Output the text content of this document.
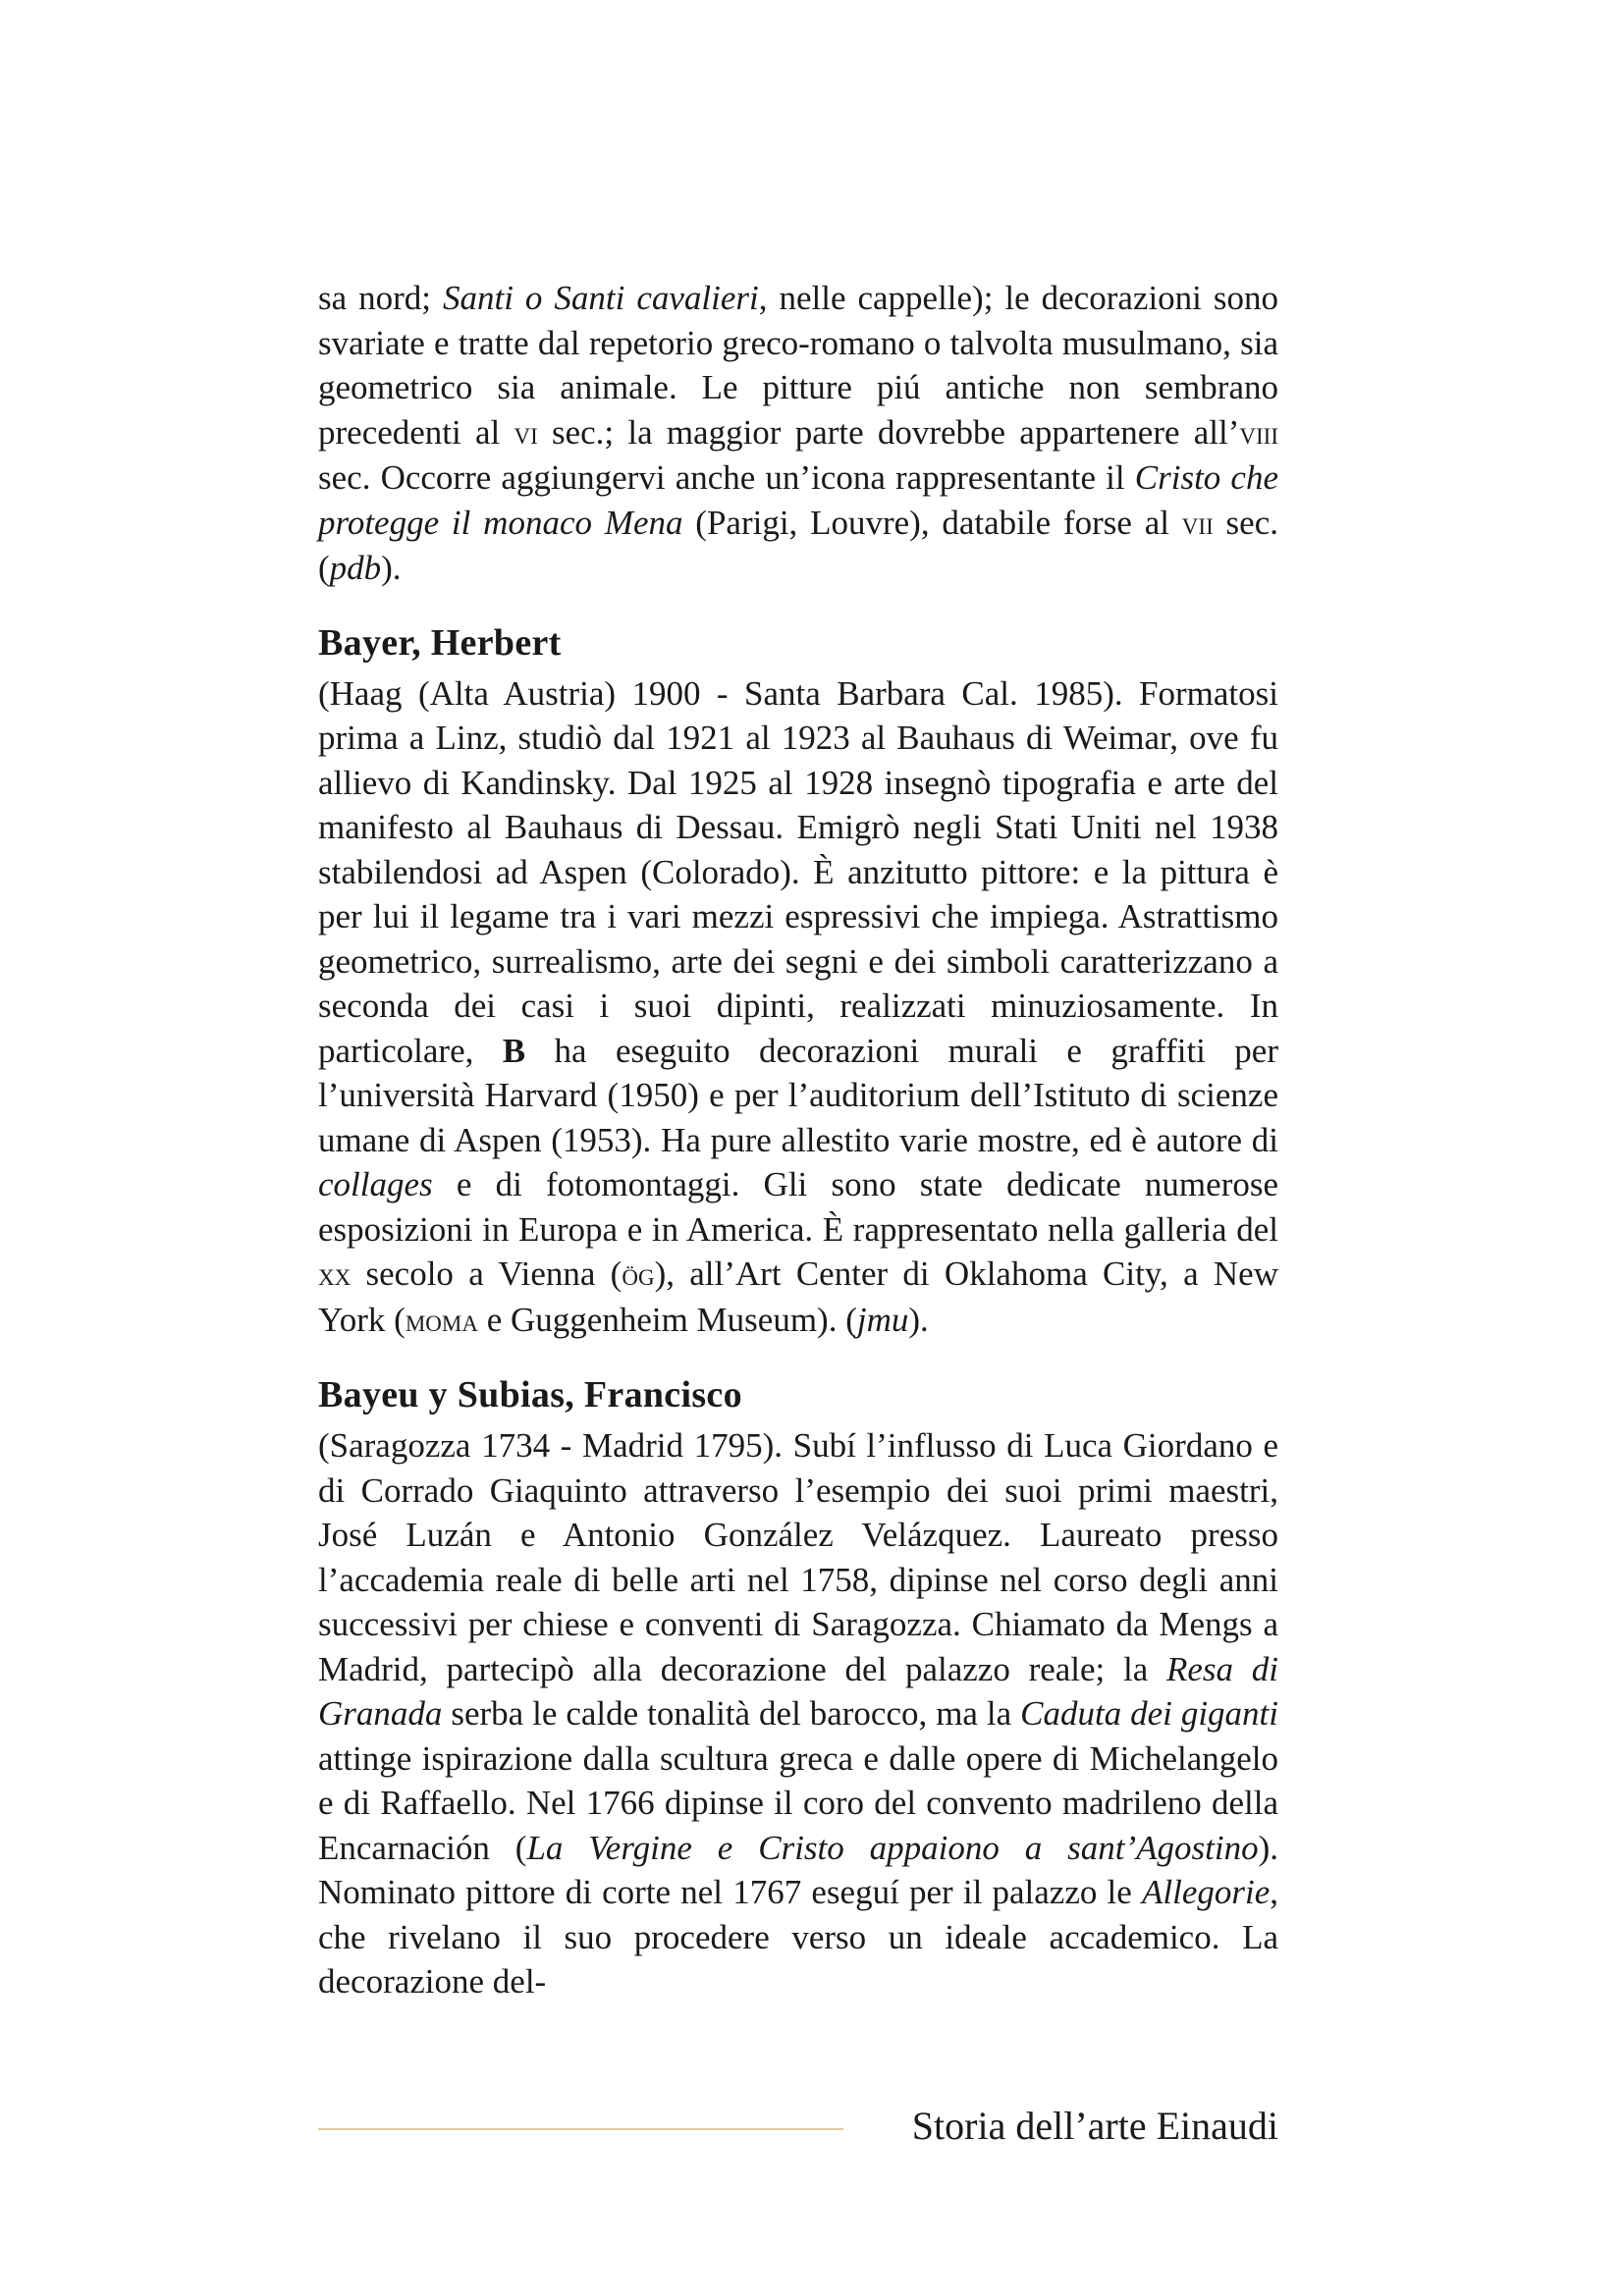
sa nord; Santi o Santi cavalieri, nelle cappelle); le decorazioni sono svariate e tratte dal repetorio greco-romano o talvolta musulmano, sia geometrico sia animale. Le pitture piú antiche non sembrano precedenti al vi sec.; la maggior parte dovrebbe appartenere all’viii sec. Occorre aggiungervi anche un’icona rappresentante il Cristo che protegge il monaco Mena (Parigi, Louvre), databile forse al vii sec. (pdb).

Bayer, Herbert

(Haag (Alta Austria) 1900 - Santa Barbara Cal. 1985). Formatosi prima a Linz, studiò dal 1921 al 1923 al Bauhaus di Weimar, ove fu allievo di Kandinsky. Dal 1925 al 1928 insegnò tipografia e arte del manifesto al Bauhaus di Dessau. Emigrò negli Stati Uniti nel 1938 stabilendosi ad Aspen (Colorado). È anzitutto pittore: e la pittura è per lui il legame tra i vari mezzi espressivi che impiega. Astrattismo geometrico, surrealismo, arte dei segni e dei simboli caratterizzano a seconda dei casi i suoi dipinti, realizzati minuziosamente. In particolare, B ha eseguito decorazioni murali e graffiti per l’università Harvard (1950) e per l’auditorium dell’Istituto di scienze umane di Aspen (1953). Ha pure allestito varie mostre, ed è autore di collages e di fotomontaggi. Gli sono state dedicate numerose esposizioni in Europa e in America. È rappresentato nella galleria del xx secolo a Vienna (ög), all’Art Center di Oklahoma City, a New York (moma e Guggenheim Museum). (jmu).

Bayeu y Subias, Francisco

(Saragozza 1734 - Madrid 1795). Subí l’influsso di Luca Giordano e di Corrado Giaquinto attraverso l’esempio dei suoi primi maestri, José Luzán e Antonio González Velázquez. Laureato presso l’accademia reale di belle arti nel 1758, dipinse nel corso degli anni successivi per chiese e conventi di Saragozza. Chiamato da Mengs a Madrid, partecipò alla decorazione del palazzo reale; la Resa di Granada serba le calde tonalità del barocco, ma la Caduta dei giganti attinge ispirazione dalla scultura greca e dalle opere di Michelangelo e di Raffaello. Nel 1766 dipinse il coro del convento madrileno della Encarnación (La Vergine e Cristo appaiono a sant’Agostino). Nominato pittore di corte nel 1767 eseguí per il palazzo le Allegorie, che rivelano il suo procedere verso un ideale accademico. La decorazione del-

Storia dell’arte Einaudi
